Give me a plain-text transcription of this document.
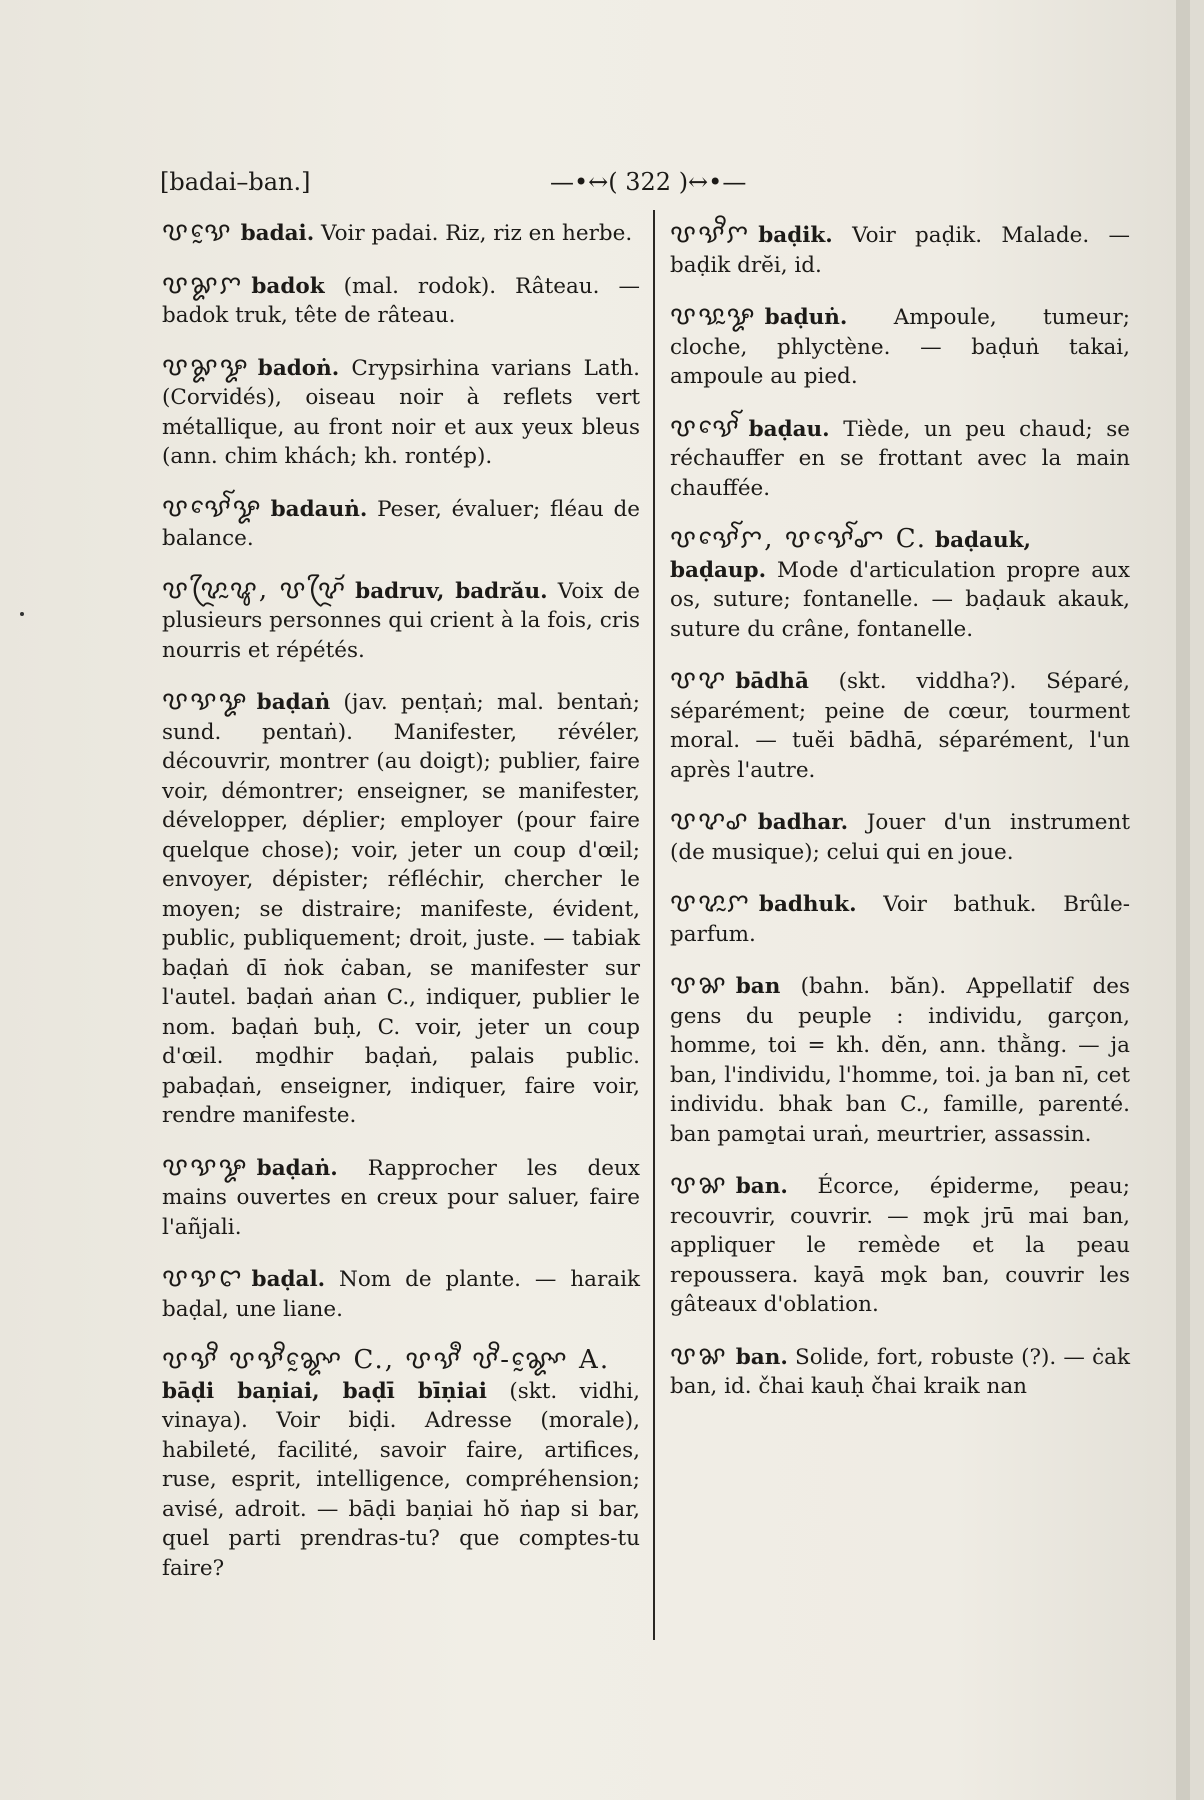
[badai–ban.]	—•↔( 322 )↔•—

ꨝꨕꨰ badai. Voir padai. Riz, riz en herbe.

ꨝꨙꨆ badok (mal. rodok). Râteau. — badok truk, tête de râteau.

ꨝꨙꨋ badoṅ. Crypsirhina varians Lath. (Corvidés), oiseau noir à reflets vert métallique, au front noir et aux yeux bleus (ann. chim khách; kh. rontép).

ꨝꨕꨯꨱꨋ badauṅ. Peser, évaluer; fléau de balance.

ꨝꨖꨴꨭꨥ, ꨝꨖꨴꨮ badruv, badrău. Voix de plusieurs personnes qui crient à la fois, cris nourris et répétés.

ꨝꨕꨋ baḍaṅ (jav. penṭaṅ; mal. bentaṅ; sund. pentaṅ). Manifester, révéler, découvrir, montrer (au doigt); publier, faire voir, démontrer; enseigner, se manifester, développer, déplier; employer (pour faire quelque chose); voir, jeter un coup d'œil; envoyer, dépister; réfléchir, chercher le moyen; se distraire; manifeste, évident, public, publiquement; droit, juste. — tabiak baḍaṅ dī ṅok ċaban, se manifester sur l'autel. baḍaṅ aṅan C., indiquer, publier le nom. baḍaṅ buḥ, C. voir, jeter un coup d'œil. mo̱dhir baḍaṅ, palais public. pabaḍaṅ, enseigner, indiquer, faire voir, rendre manifeste.

ꨝꨕꨋ baḍaṅ. Rapprocher les deux mains ouvertes en creux pour saluer, faire l'añjali.

ꨝꨕꨤ baḍal. Nom de plante. — haraik baḍal, une liane.

ꨝꨕꨪ ꨝꨕꨪꨘꨳꨰ C., ꨝꨕꨫ ꨝꨪ-ꨘꨳꨰ A.bāḍi baṇiai, baḍī bīṇiai (skt. vidhi, vinaya). Voir biḍi. Adresse (morale), habileté, facilité, savoir faire, artifices, ruse, esprit, intelligence, compréhension; avisé, adroit. — bāḍi baṇiai hŏ ṅap si bar, quel parti prendras-tu? que comptes-tu faire?

ꨝꨕꨪꨆ baḍik. Voir paḍik. Malade. — baḍik drĕi, id.

ꨝꨕꨭꨋ baḍuṅ. Ampoule, tumeur; cloche, phlyctène. — baḍuṅ takai, ampoule au pied.

ꨝꨕꨯꨱ baḍau. Tiède, un peu chaud; se réchauffer en se frottant avec la main chauffée.

ꨝꨕꨯꨱꨆ, ꨝꨕꨯꨱꨚ C. baḍauk, baḍaup. Mode d'articulation propre aux os, suture; fontanelle. — baḍauk akauk, suture du crâne, fontanelle.

ꨝꨖ bādhā (skt. viddha?). Séparé, séparément; peine de cœur, tourment moral. — tuĕi bādhā, séparément, l'un après l'autre.

ꨝꨖꨣ badhar. Jouer d'un instrument (de musique); celui qui en joue.

ꨝꨖꨭꨆ badhuk. Voir bathuk. Brûle-parfum.

ꨝꨗ ban (bahn. băn). Appellatif des gens du peuple : individu, garçon, homme, toi = kh. dĕn, ann. thằng. — ja ban, l'individu, l'homme, toi. ja ban nī, cet individu. bhak ban C., famille, parenté. ban pamo̱tai uraṅ, meurtrier, assassin.

ꨝꨗ ban. Écorce, épiderme, peau; recouvrir, couvrir. — mo̱k jrū mai ban, appliquer le remède et la peau repoussera. kayā mo̱k ban, couvrir les gâteaux d'oblation.

ꨝꨗ ban. Solide, fort, robuste (?). — ċak ban, id. čhai kauḥ čhai kraik nan
